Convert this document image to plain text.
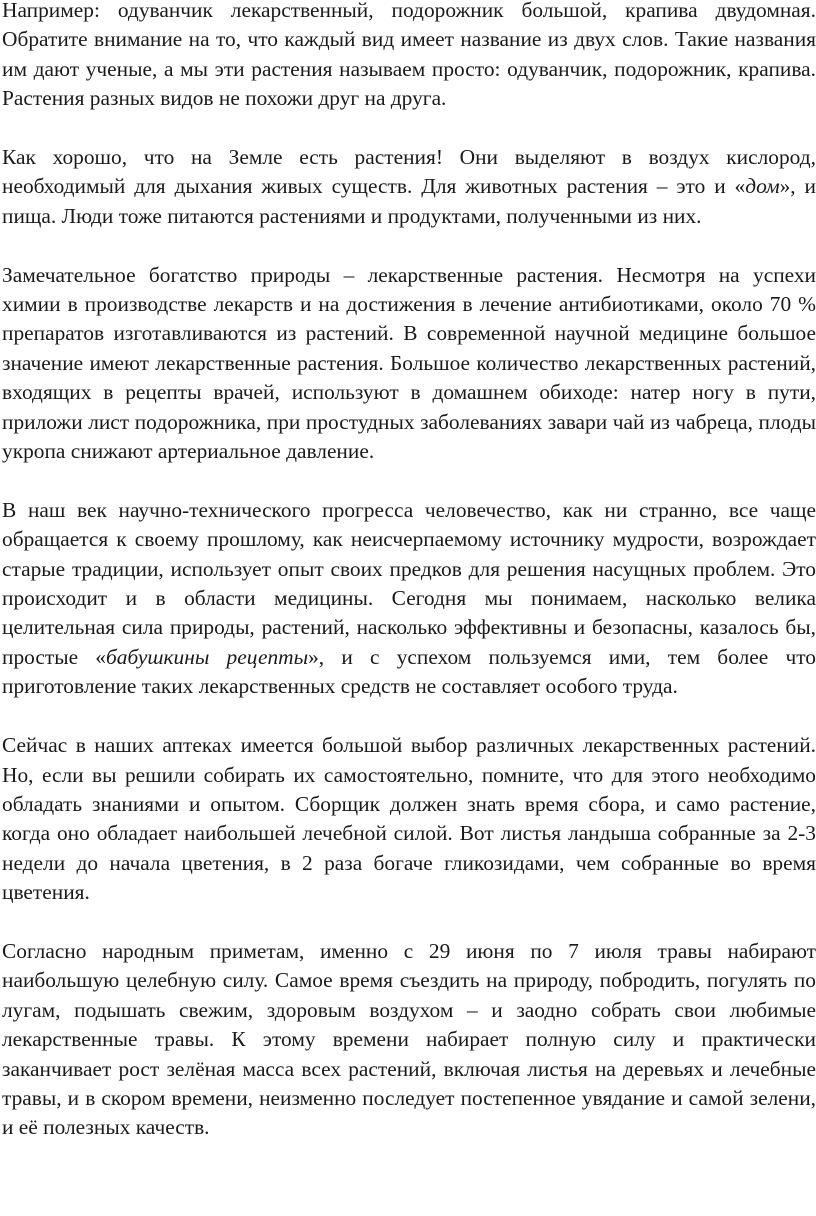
Например: одуванчик лекарственный, подорожник большой, крапива двудомная. Обратите внимание на то, что каждый вид имеет название из двух слов. Такие названия им дают ученые, а мы эти растения называем просто: одуванчик, подорожник, крапива. Растения разных видов не похожи друг на друга.

Как хорошо, что на Земле есть растения! Они выделяют в воздух кислород, необходимый для дыхания живых существ. Для животных растения – это и «дом», и пища. Люди тоже питаются растениями и продуктами, полученными из них.

Замечательное богатство природы – лекарственные растения. Несмотря на успехи химии в производстве лекарств и на достижения в лечение антибиотиками, около 70 % препаратов изготавливаются из растений. В современной научной медицине большое значение имеют лекарственные растения. Большое количество лекарственных растений, входящих в рецепты врачей, используют в домашнем обиходе: натер ногу в пути, приложи лист подорожника, при простудных заболеваниях завари чай из чабреца, плоды укропа снижают артериальное давление.

В наш век научно-технического прогресса человечество, как ни странно, все чаще обращается к своему прошлому, как неисчерпаемому источнику мудрости, возрождает старые традиции, использует опыт своих предков для решения насущных проблем. Это происходит и в области медицины. Сегодня мы понимаем, насколько велика целительная сила природы, растений, насколько эффективны и безопасны, казалось бы, простые «бабушкины рецепты», и с успехом пользуемся ими, тем более что приготовление таких лекарственных средств не составляет особого труда.

Сейчас в наших аптеках имеется большой выбор различных лекарственных растений. Но, если вы решили собирать их самостоятельно, помните, что для этого необходимо обладать знаниями и опытом. Сборщик должен знать время сбора, и само растение, когда оно обладает наибольшей лечебной силой. Вот листья ландыша собранные за 2-3 недели до начала цветения, в 2 раза богаче гликозидами, чем собранные во время цветения.

Согласно народным приметам, именно с 29 июня по 7 июля травы набирают наибольшую целебную силу. Самое время съездить на природу, побродить, погулять по лугам, подышать свежим, здоровым воздухом – и заодно собрать свои любимые лекарственные травы. К этому времени набирает полную силу и практически заканчивает рост зелёная масса всех растений, включая листья на деревьях и лечебные травы, и в скором времени, неизменно последует постепенное увядание и самой зелени, и её полезных качеств.
